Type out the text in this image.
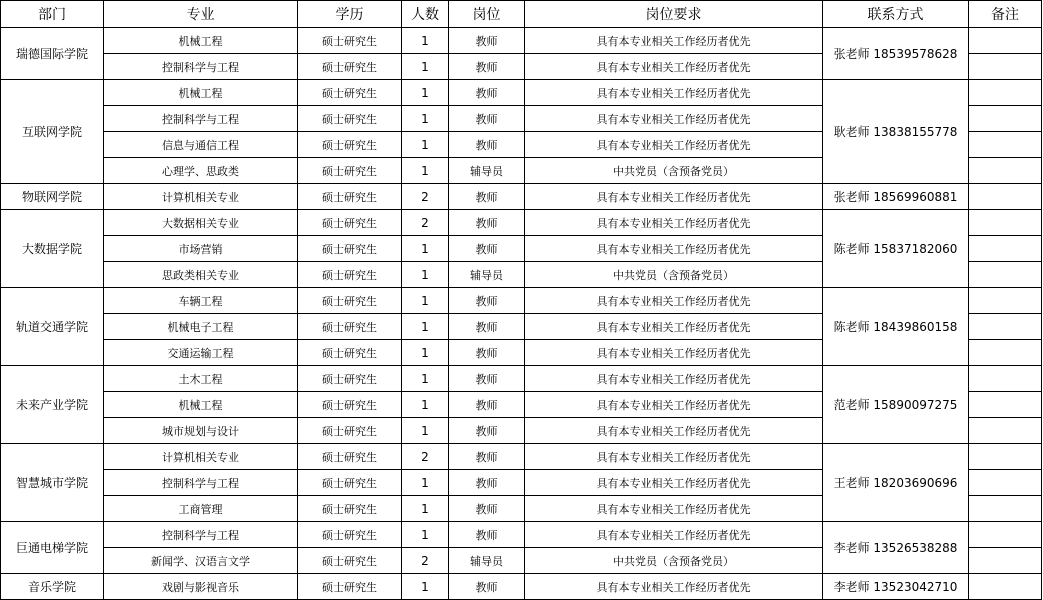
部门	专业	学历	人数	岗位	岗位要求	联系方式	备注
瑞德国际学院	机械工程	硕士研究生	1	教师	具有本专业相关工作经历者优先	张老师 18539578628	
	控制科学与工程	硕士研究生	1	教师	具有本专业相关工作经历者优先		
互联网学院	机械工程	硕士研究生	1	教师	具有本专业相关工作经历者优先	耿老师 13838155778	
	控制科学与工程	硕士研究生	1	教师	具有本专业相关工作经历者优先		
	信息与通信工程	硕士研究生	1	教师	具有本专业相关工作经历者优先		
	心理学、思政类	硕士研究生	1	辅导员	中共党员（含预备党员）		
物联网学院	计算机相关专业	硕士研究生	2	教师	具有本专业相关工作经历者优先	张老师 18569960881	
大数据学院	大数据相关专业	硕士研究生	2	教师	具有本专业相关工作经历者优先	陈老师 15837182060	
	市场营销	硕士研究生	1	教师	具有本专业相关工作经历者优先		
	思政类相关专业	硕士研究生	1	辅导员	中共党员（含预备党员）		
轨道交通学院	车辆工程	硕士研究生	1	教师	具有本专业相关工作经历者优先	陈老师 18439860158	
	机械电子工程	硕士研究生	1	教师	具有本专业相关工作经历者优先		
	交通运输工程	硕士研究生	1	教师	具有本专业相关工作经历者优先		
未来产业学院	土木工程	硕士研究生	1	教师	具有本专业相关工作经历者优先	范老师 15890097275	
	机械工程	硕士研究生	1	教师	具有本专业相关工作经历者优先		
	城市规划与设计	硕士研究生	1	教师	具有本专业相关工作经历者优先		
智慧城市学院	计算机相关专业	硕士研究生	2	教师	具有本专业相关工作经历者优先	王老师 18203690696	
	控制科学与工程	硕士研究生	1	教师	具有本专业相关工作经历者优先		
	工商管理	硕士研究生	1	教师	具有本专业相关工作经历者优先		
巨通电梯学院	控制科学与工程	硕士研究生	1	教师	具有本专业相关工作经历者优先	李老师 13526538288	
	新闻学、汉语言文学	硕士研究生	2	辅导员	中共党员（含预备党员）		
音乐学院	戏剧与影视音乐	硕士研究生	1	教师	具有本专业相关工作经历者优先	李老师 13523042710	
